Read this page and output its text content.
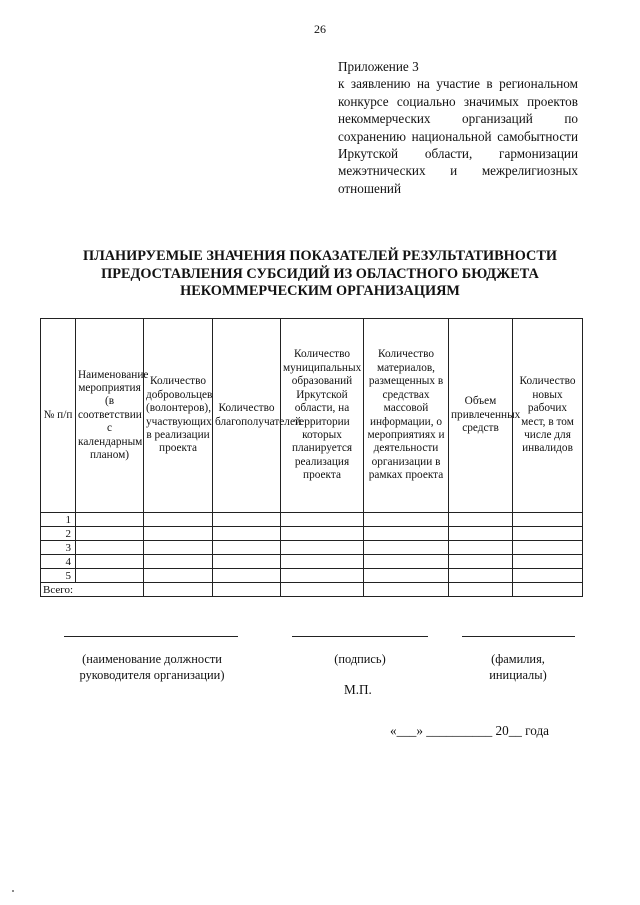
26
Приложение 3
к заявлению на участие в региональном конкурсе социально значимых проектов некоммерческих организаций по сохранению национальной самобытности Иркутской области, гармонизации межэтнических и межрелигиозных отношений
ПЛАНИРУЕМЫЕ ЗНАЧЕНИЯ ПОКАЗАТЕЛЕЙ РЕЗУЛЬТАТИВНОСТИ
ПРЕДОСТАВЛЕНИЯ СУБСИДИЙ ИЗ ОБЛАСТНОГО БЮДЖЕТА
НЕКОММЕРЧЕСКИМ ОРГАНИЗАЦИЯМ
№ п/п	Наименование мероприятия (в соответствии с календарным планом)	Количество добровольцев (волонтеров), участвующих в реализации проекта	Количество благополучателей	Количество муниципальных образований Иркутской области, на территории которых планируется реализация проекта	Количество материалов, размещенных в средствах массовой информации, о мероприятиях и деятельности организации в рамках проекта	Объем привлеченных средств	Количество новых рабочих мест, в том числе для инвалидов
1							
2							
3							
4							
5							
Всего:							
(наименование должности руководителя организации)
(подпись)	(фамилия, инициалы)
М.П.
«___» __________ 20__ года
